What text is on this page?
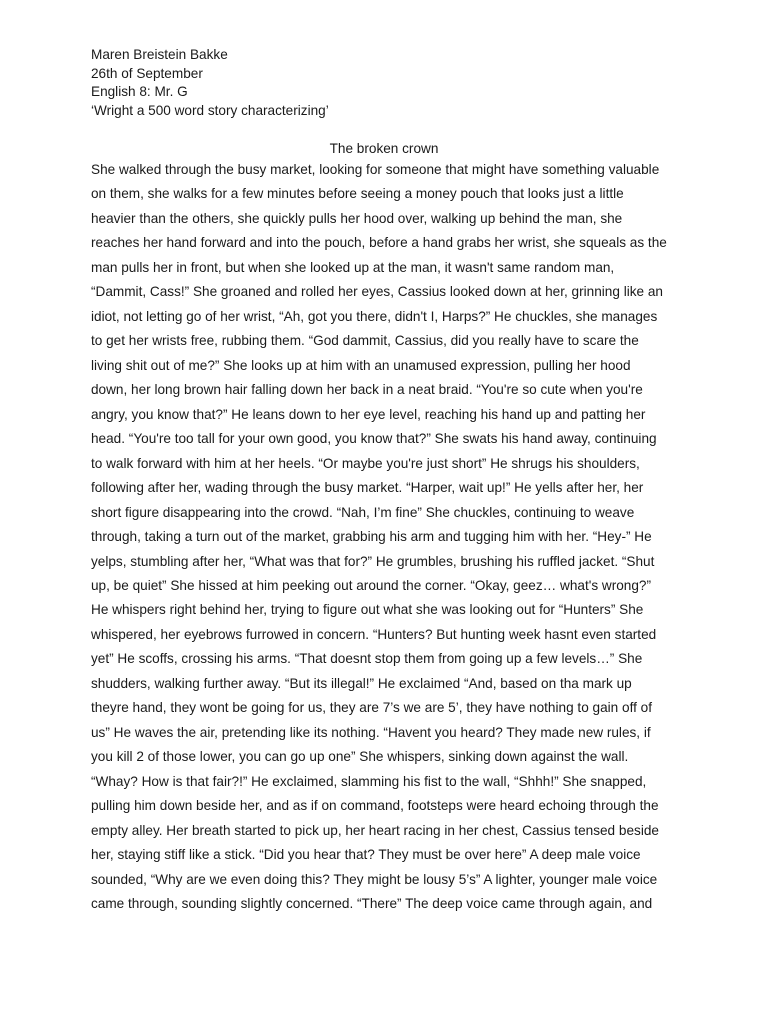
Maren Breistein Bakke
26th of September
English 8: Mr. G
‘Wright a 500 word story characterizing’
The broken crown
She walked through the busy market, looking for someone that might have something valuable
on them, she walks for a few minutes before seeing a money pouch that looks just a little
heavier than the others, she quickly pulls her hood over, walking up behind the man, she
reaches her hand forward and into the pouch, before a hand grabs her wrist, she squeals as the
man pulls her in front, but when she looked up at the man, it wasn't same random man,
“Dammit, Cass!” She groaned and rolled her eyes, Cassius looked down at her, grinning like an
idiot, not letting go of her wrist, “Ah, got you there, didn't I, Harps?” He chuckles, she manages
to get her wrists free, rubbing them. “God dammit, Cassius, did you really have to scare the
living shit out of me?” She looks up at him with an unamused expression, pulling her hood
down, her long brown hair falling down her back in a neat braid. “You're so cute when you're
angry, you know that?” He leans down to her eye level, reaching his hand up and patting her
head. “You're too tall for your own good, you know that?” She swats his hand away, continuing
to walk forward with him at her heels. “Or maybe you're just short” He shrugs his shoulders,
following after her, wading through the busy market. “Harper, wait up!” He yells after her, her
short figure disappearing into the crowd. “Nah, I’m fine” She chuckles, continuing to weave
through, taking a turn out of the market, grabbing his arm and tugging him with her. “Hey-” He
yelps, stumbling after her, “What was that for?” He grumbles, brushing his ruffled jacket. “Shut
up, be quiet” She hissed at him peeking out around the corner. “Okay, geez… what's wrong?”
He whispers right behind her, trying to figure out what she was looking out for “Hunters” She
whispered, her eyebrows furrowed in concern. “Hunters? But hunting week hasnt even started
yet” He scoffs, crossing his arms. “That doesnt stop them from going up a few levels…” She
shudders, walking further away. “But its illegal!” He exclaimed “And, based on tha mark up
theyre hand, they wont be going for us, they are 7’s we are 5’, they have nothing to gain off of
us” He waves the air, pretending like its nothing. “Havent you heard? They made new rules, if
you kill 2 of those lower, you can go up one” She whispers, sinking down against the wall.
“Whay? How is that fair?!” He exclaimed, slamming his fist to the wall, “Shhh!” She snapped,
pulling him down beside her, and as if on command, footsteps were heard echoing through the
empty alley. Her breath started to pick up, her heart racing in her chest, Cassius tensed beside
her, staying stiff like a stick. “Did you hear that? They must be over here” A deep male voice
sounded, “Why are we even doing this? They might be lousy 5’s” A lighter, younger male voice
came through, sounding slightly concerned. “There” The deep voice came through again, and
